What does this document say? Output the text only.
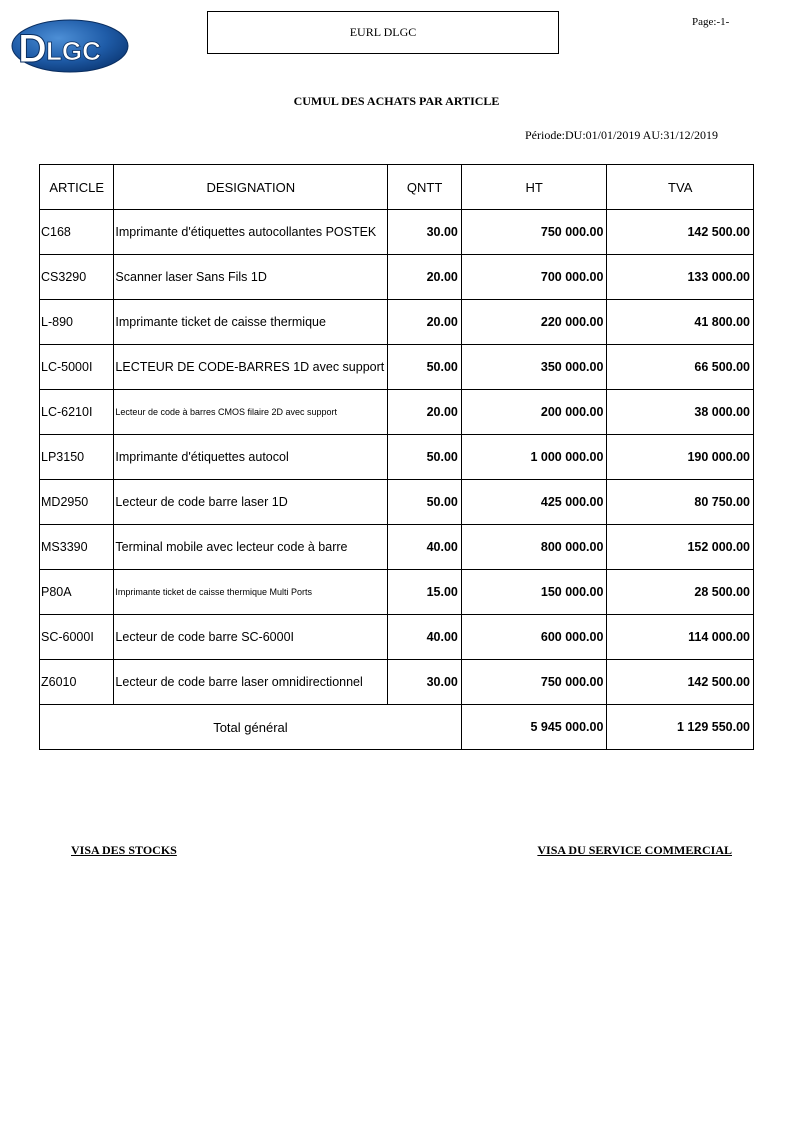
D LGC
EURL DLGC
Page:-1-
CUMUL DES ACHATS PAR ARTICLE
Période:DU:01/01/2019 AU:31/12/2019
ARTICLE	DESIGNATION	QNTT	HT	TVA
C168	Imprimante d'étiquettes autocollantes POSTEK	30.00	750 000.00	142 500.00
CS3290	Scanner laser Sans Fils 1D	20.00	700 000.00	133 000.00
L-890	Imprimante ticket de caisse thermique	20.00	220 000.00	41 800.00
LC-5000I	LECTEUR DE CODE-BARRES 1D avec support	50.00	350 000.00	66 500.00
LC-6210I	Lecteur de code à barres CMOS filaire 2D avec support	20.00	200 000.00	38 000.00
LP3150	Imprimante d'étiquettes autocol	50.00	1 000 000.00	190 000.00
MD2950	Lecteur de code barre laser 1D	50.00	425 000.00	80 750.00
MS3390	Terminal mobile avec lecteur code à barre	40.00	800 000.00	152 000.00
P80A	Imprimante ticket de caisse thermique Multi Ports	15.00	150 000.00	28 500.00
SC-6000I	Lecteur de code barre SC-6000I	40.00	600 000.00	114 000.00
Z6010	Lecteur de code barre laser omnidirectionnel	30.00	750 000.00	142 500.00
Total général			5 945 000.00	1 129 550.00
VISA DES STOCKS	VISA DU SERVICE COMMERCIAL
